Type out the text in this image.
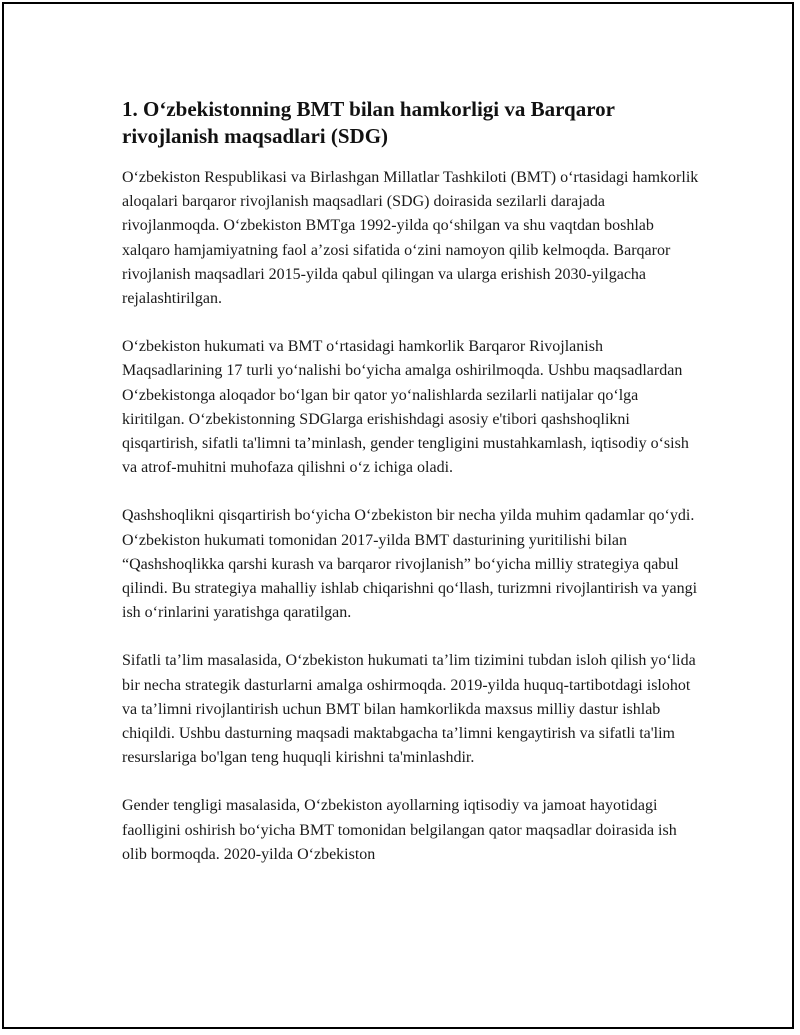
1. O‘zbekistonning BMT bilan hamkorligi va Barqaror rivojlanish maqsadlari (SDG)

O‘zbekiston Respublikasi va Birlashgan Millatlar Tashkiloti (BMT) o‘rtasidagi hamkorlik aloqalari barqaror rivojlanish maqsadlari (SDG) doirasida sezilarli darajada rivojlanmoqda. O‘zbekiston BMTga 1992-yilda qo‘shilgan va shu vaqtdan boshlab xalqaro hamjamiyatning faol a’zosi sifatida o‘zini namoyon qilib kelmoqda. Barqaror rivojlanish maqsadlari 2015-yilda qabul qilingan va ularga erishish 2030-yilgacha rejalashtirilgan.

O‘zbekiston hukumati va BMT o‘rtasidagi hamkorlik Barqaror Rivojlanish Maqsadlarining 17 turli yo‘nalishi bo‘yicha amalga oshirilmoqda. Ushbu maqsadlardan O‘zbekistonga aloqador bo‘lgan bir qator yo‘nalishlarda sezilarli natijalar qo‘lga kiritilgan. O‘zbekistonning SDGlarga erishishdagi asosiy e'tibori qashshoqlikni qisqartirish, sifatli ta'limni ta’minlash, gender tengligini mustahkamlash, iqtisodiy o‘sish va atrof-muhitni muhofaza qilishni o‘z ichiga oladi.

Qashshoqlikni qisqartirish bo‘yicha O‘zbekiston bir necha yilda muhim qadamlar qo‘ydi. O‘zbekiston hukumati tomonidan 2017-yilda BMT dasturining yuritilishi bilan “Qashshoqlikka qarshi kurash va barqaror rivojlanish” bo‘yicha milliy strategiya qabul qilindi. Bu strategiya mahalliy ishlab chiqarishni qo‘llash, turizmni rivojlantirish va yangi ish o‘rinlarini yaratishga qaratilgan.

Sifatli ta’lim masalasida, O‘zbekiston hukumati ta’lim tizimini tubdan isloh qilish yo‘lida bir necha strategik dasturlarni amalga oshirmoqda. 2019-yilda huquq-tartibotdagi islohot va ta’limni rivojlantirish uchun BMT bilan hamkorlikda maxsus milliy dastur ishlab chiqildi. Ushbu dasturning maqsadi maktabgacha ta’limni kengaytirish va sifatli ta'lim resurslariga bo'lgan teng huquqli kirishni ta'minlashdir.

Gender tengligi masalasida, O‘zbekiston ayollarning iqtisodiy va jamoat hayotidagi faolligini oshirish bo‘yicha BMT tomonidan belgilangan qator maqsadlar doirasida ish olib bormoqda. 2020-yilda O‘zbekiston
